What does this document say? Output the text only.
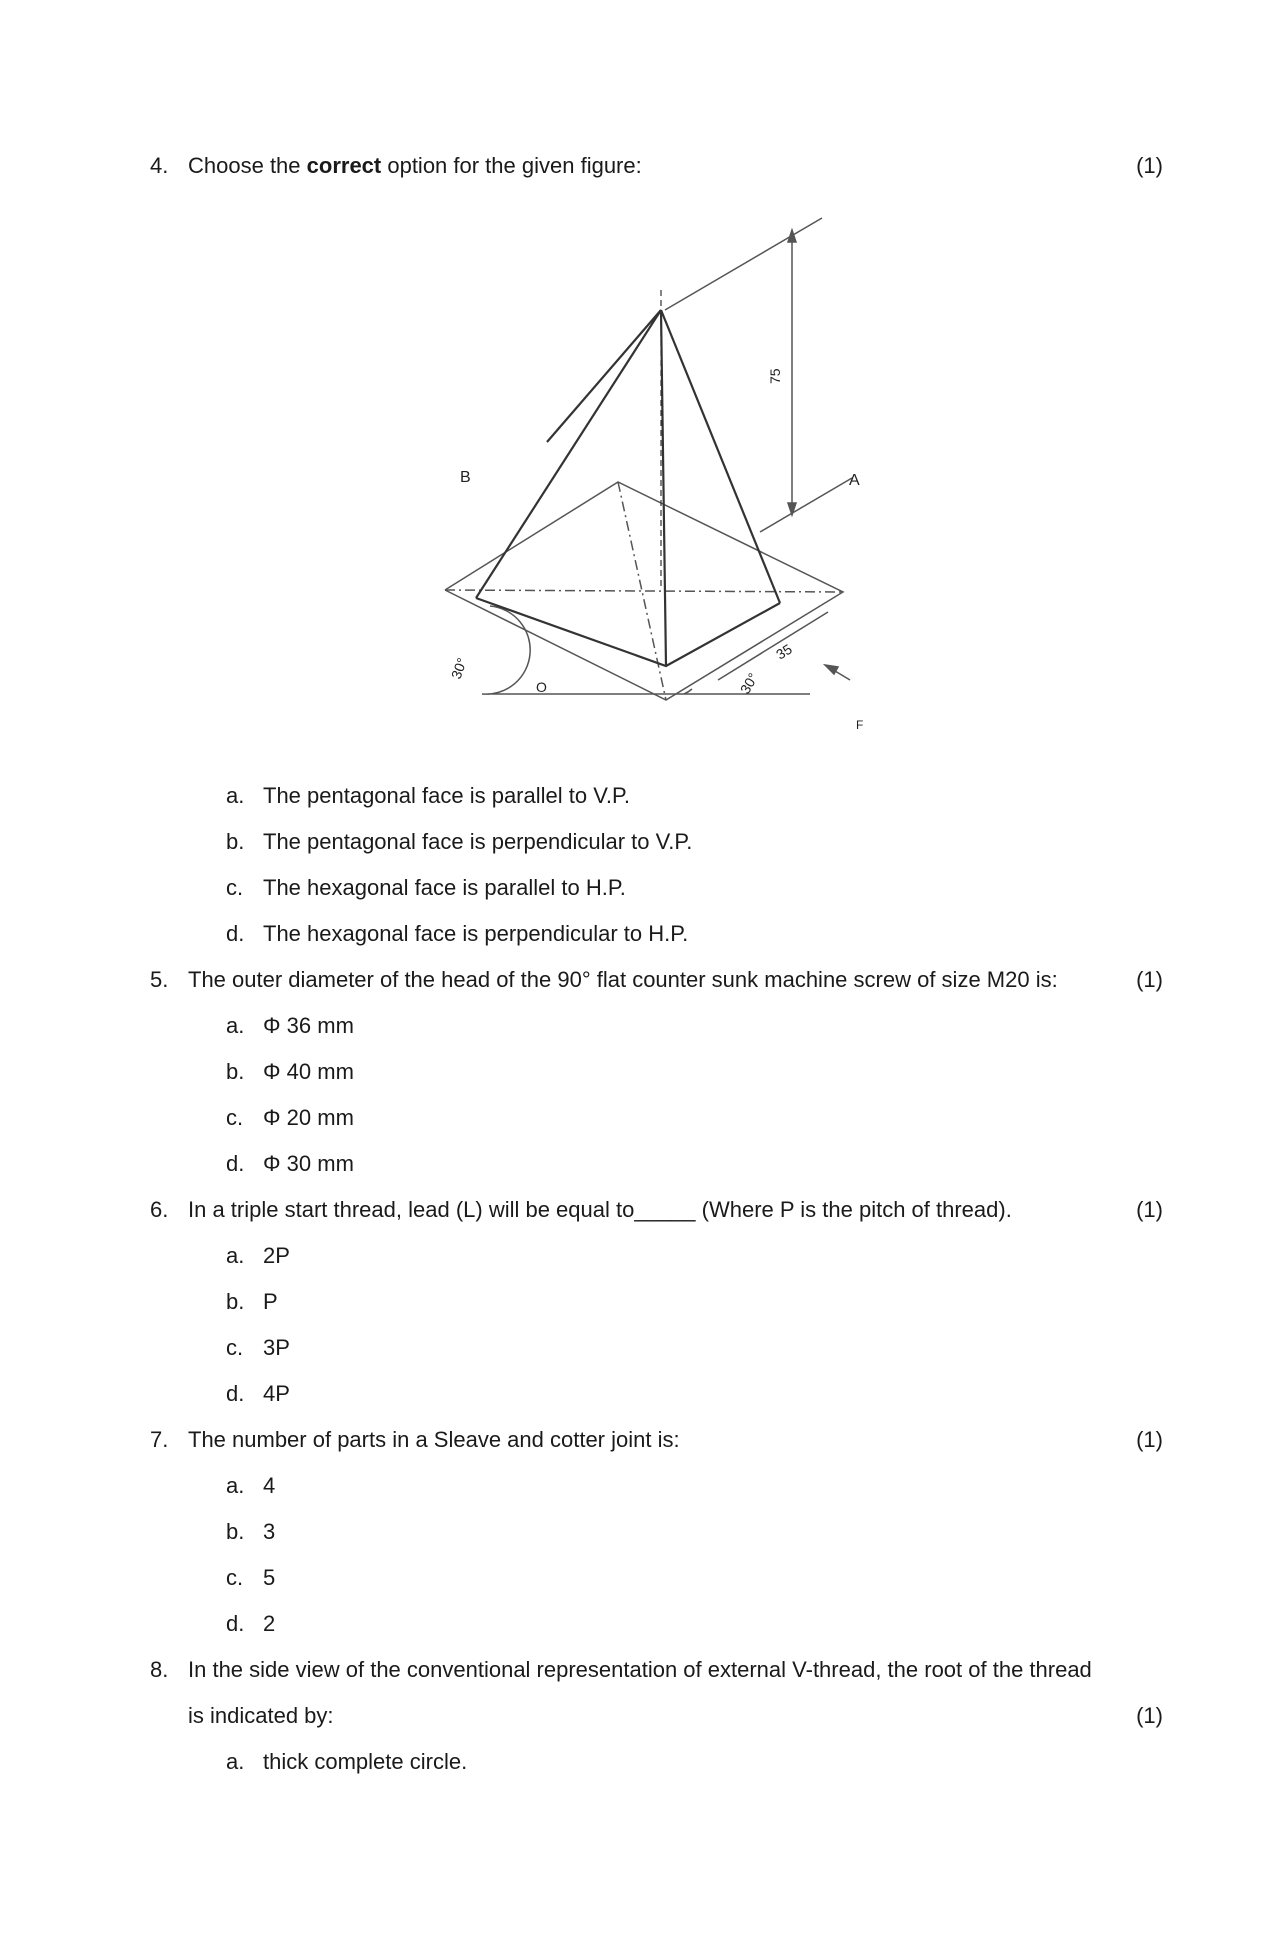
4. Choose the correct option for the given figure:	(1)
B	A
O
F
30°
30°
35
75
a. The pentagonal face is parallel to V.P.
b. The pentagonal face is perpendicular to V.P.
c. The hexagonal face is parallel to H.P.
d. The hexagonal face is perpendicular to H.P.
5. The outer diameter of the head of the 90° flat counter sunk machine screw of size M20 is:	(1)
a. Φ 36 mm
b. Φ 40 mm
c. Φ 20 mm
d. Φ 30 mm
6. In a triple start thread, lead (L) will be equal to_____ (Where P is the pitch of thread).	(1)
a. 2P
b. P
c. 3P
d. 4P
7. The number of parts in a Sleave and cotter joint is:	(1)
a. 4
b. 3
c. 5
d. 2
8. In the side view of the conventional representation of external V-thread, the root of the thread
is indicated by:	(1)
a. thick complete circle.
